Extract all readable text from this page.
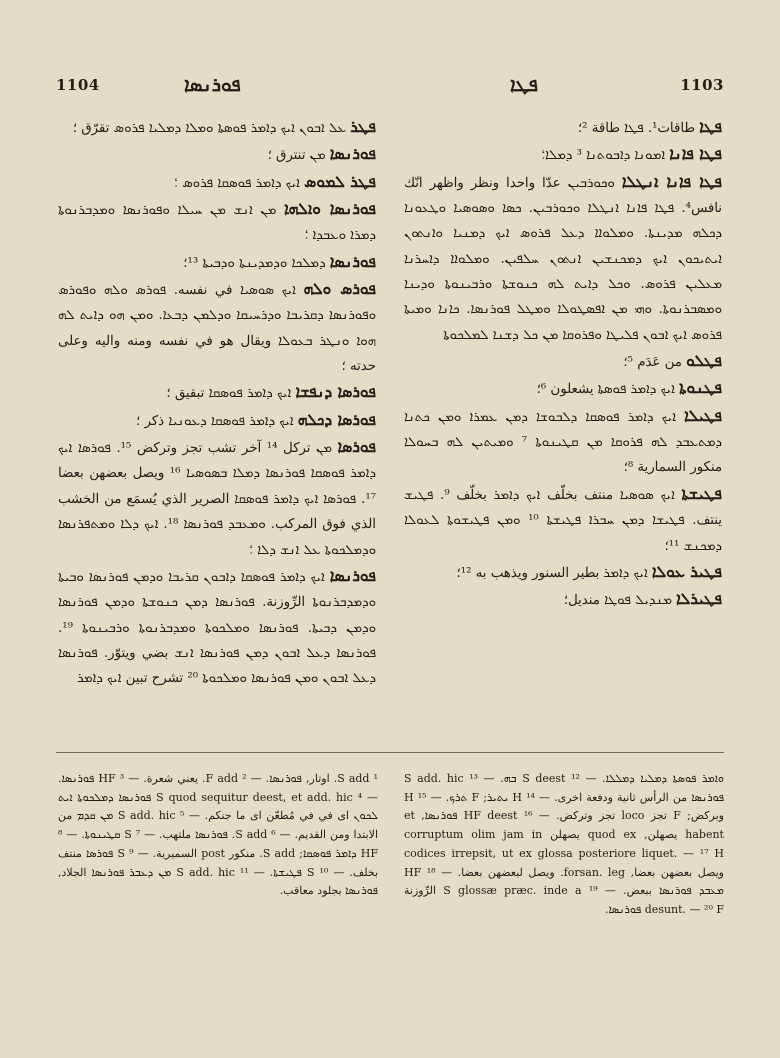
1104	ܦܘܪܢܣܐ	ܦܛܐ	1103
ܦܛܪ ܥܠ ܐܒܘܢ ܐܝܟ ܕܐܡܪ ܦܘܣܬܐ ܘܡܠܐ ܕܡܠܝܐ ܦܪܘܣ تقرّق ؛
ܦܘܪܢܣܐ ܡܢ تنترق ؛
ܦܛܪ ܠܡܘܣ ܐܝܟ ܕܐܡܪ ܦܘܣܩܐ ܦܪܘܣ ؛
ܦܘܪܢܣܐ ܘܐܠܗܐ ܡܢ ܐܢܫ ܡܢ ܚܝܠܐ ܘܦܘܪܢܣܐ ܘܡܕܒܪܢܘܬܐ ܕܡܪܐ ܘܥܒܕܐ ؛
ܦܘܪܢܣܐ ܕܡܠܟܐ ܘܕܡܕܝܢܬܐ ܘܕܒܝܬܐ ¹³؛
ܦܘܪܣ ܘܠܗ ܐܝܟ ܣܘܣܝܐ في نفسه. ܦܘܪܣ ܘܠܗ ܘܦܘܪܣ ܘܦܘܪܢܣܐ ܕܩܪܝܒܐ ܘܕܪܚܝܩܐ ܘܕܠܡܢ ܕܒܥܐ. ܘܡܢ ܗܘ ܕܐܝܬ ܠܗ ܗܘܐ ܘܢܛܪ ܒܥܘܠܐ ويقال هو في نفسه ومنه واليه وعلى حدته ؛
ܦܘܪܣܐ ܕܢܦܫܐ ܐܝܟ ܕܐܡܪ ܦܘܣܩܐ تبقيق ؛
ܦܘܪܣܐ ܕܟܠܗ ܐܝܟ ܕܐܡܪ ܦܘܣܩܐ ܕܥܘܢܝܐ ذكر ؛
ܦܘܪܣܐ ܡܢ تركل ¹⁴ آخر تشب تجز وتركض ¹⁵. ܦܘܪܣܐ ܐܝܟ ܕܐܡܪ ܦܘܣܩܐ ܦܘܪܢܣܐ ܕܡܠܐ ܒܣܘܣܝܐ ¹⁶ ويصل بعضهن بعضا ¹⁷. ܦܘܪܣܐ ܐܝܟ ܕܐܡܪ ܦܘܣܩܐ الصرير الذي يُسمَع من الخشب الذي فوق المركب. ܘܡܥܒܕ ܦܘܪܢܣܐ ¹⁸. ܐܝܟ ܕܠܐ ܘܡܬܦܪܢܣܐ ܘܕܡܠܟܘܬܐ ܥܠ ܐܢܫ ܕܠܐ ؛
ܦܘܪܢܣܐ ܐܝܟ ܕܐܡܪ ܦܘܣܩܐ ܕܐܒܘܢ ܩܪܝܒܐ ܘܕܡܢ ܦܘܪܢܣܐ ܘܒܝܬܐ ܘܕܡܕܒܪܢܘܬܐ الرِّوزنة. ܦܘܪܢܣܐ ܕܡܢ ܟܢܘܫܬܐ ܘܕܡܢ ܦܘܪܢܣܐ ܘܕܡܢ ܕܒܝܬܐ. ܦܘܪܢܣܐ ܘܡܠܟܘܬܐ ܘܡܕܒܪܢܘܬܐ ܘܪܒܝܢܘܬܐ ¹⁹. ܦܘܪܢܣܐ ܕܥܠ ܐܒܘܢ ܕܡܢ ܦܘܪܢܣܐ ܐܢܫ بضي ويتوّر. ܦܘܪܢܣܐ ܕܥܠ ܐܒܘܢ ܘܡܢ ܦܘܪܢܣܐ ܘܡܠܟܘܬܐ ²⁰ تشرح تبين ܐܝܟ ܕܐܡܪ
ܦܛܐ طاقات¹. ܦܛܐ طاقة ²؛
ܦܛܐ ܦܐܢܐ ܐܡܘܢܐ ܕܐܒܘܬܢܐ ³ ܕܡܠܐ؛
ܦܛܐ ܦܐܢܐ ܐܢܛܠܐ ܘܟܘܪܒܝܢ عدّا واحدا ونظر واظهر انّك نافس⁴. ܦܛܐ ܦܐܢܐ ܐܢܛܠܐ ܘܟܘܪܒܝܢ. ܟܣܐ ܘܣܘܣܝܐ ܘܛܥܘܢܐ ܕܟܠܗ ܡܕܝܢܬܐ. ܘܡܠܘܐܐ ܕܥܠ ܦܪܘܣ ܐܝܟ ܕܡܢܝܐ ܘܐܢܬܘܢ ܐܝܬܝܟܘܢ ܐܝܟ ܕܡܟܢܫܝܢ ܐܢܬܘܢ ܚܠܦܝܢ. ܘܡܠܘܐܐ ܕܐܚܪܢܐ ܡܥܠܝܢ ܦܪܘܣ. ܘܟܠ ܕܐܝܬ ܠܗ ܟܢܘܫܬܐ ܘܪܒܝܢܘܬܐ ܘܕܝܢܐ ܘܡܣܒܪܢܘܬܐ. ܘܗܝ ܡܢ ܐܦܣܛܘܠܐ ܘܡܛܠ ܦܘܪܢܣܐ. ܟܐܢܐ ܘܡܝܬܐ ܦܪܘܣ ܐܝܟ ܐܒܘܢ ܦܠܝܛܐ ܘܦܪܘܩܐ ܡܢ ܟܠ ܕܫܢܐ ܠܡܠܟܘܬܐ
ܦܛܠܘ من عَدَم ⁵؛
ܦܛܢܘܬܐ ܐܝܟ ܕܐܡܪ ܦܘܣܬܐ يشعلون ⁶؛
ܦܛܝܠܐ ܐܝܟ ܕܐܡܪ ܦܘܣܩܐ ܕܠܒܘܫܐ ܕܡܢ ܥܡܪܐ ܘܡܢ ܟܬܢܐ ܕܡܬܥܒܕ ܠܗ ܦܪܘܩܐ ܡܢ ܩܛܝܢܘܬܐ ⁷ ܘܡܝܬܝܢ ܠܗ ܒܚܘܠܐ منكور السمارية ⁸؛
ܦܛܝܫܬܐ ܐܝܟ ܣܘܣܝܐ منتف بخلّف ܐܝܟ ܕܐܡܪ بخلّف ⁹. ܦܛܝܫ ينتف. ܦܛܝܫܐ ܕܡܢ ܚܒܪܐ ܦܛܝܫܬܐ ¹⁰ ܘܡܢ ܦܛܝܫܘܬܐ ܠܥܘܠܐ ܕܡܟܢܫ ¹¹؛
ܦܛܝܪ ܥܘܠܐ ܐܝܟ ܕܐܡܪ بطير السنور ويذهب به ¹²؛
ܦܛܝܪܠܐ ܡܢܕܝܠ ܦܘܛܐ مندیل؛

¹ S add. اوتار, ܦܘܪܢܣܐ. — ² F add. يعني شعرة. — ³ HF ܦܘܪܢܣܐ. — ⁴ S quod sequitur deest, et add. hic ܦܘܪܢܣܐ ܕܡܠܟܘܬܐ ܐܝܬ ܠܟܘܢ اى في في مُطعّن اى ما جنكم. — ⁵ S add. hic ܡܢ ܩܕܡ من الابتدا ومن القديم. — ⁶ S add. ܦܘܪܢܣܐ ملتهب. — ⁷ S ܩܛܝܢܘܬܐ. — ⁸ HF ܕܐܡܪ ܦܘܣܩܐ; S add. منكور post السميرية. — ⁹ S ܦܘܪܣܐ منتف بخلف. — ¹⁰ S ܦܛܝܫܬܐ. — ¹¹ S add. hic ܡܢ ܕܥܒܪ ܦܘܪܢܣܐ الجلاد, ܦܘܪܢܣܐ بجلود معاقب.

ܘܐܡܪ ܦܘܣܬܐ ܕܡܠܝܐ ܕܡܠܠܐ. — ¹² S deest ܒܗ. — ¹³ S add. hic ܦܘܪܢܣܐ من الرأس ثانية ودفعة اخرى. — ¹⁴ H ܝܬܝܪ; F ܬܪܟ. — ¹⁵ H وبركض; F تجز loco تجز وتركض. — ¹⁶ HF deest ܦܘܪܢܣܐ, et habent يصهلن, quod ex يصهلن corruptum olim jam in codices irrepsit, ut ex glossa posteriore liquet. — ¹⁷ H ويصل بعضهن بعضا, forsan. leg. ويصل لبعضهن بعضا. — ¹⁸ HF ܡܥܒܕ ܦܘܪܢܣܐ ببعض. — ¹⁹ S glossæ præc. inde a الرِّوزنة desunt. — ²⁰ F ܦܘܪܢܣܐ.
